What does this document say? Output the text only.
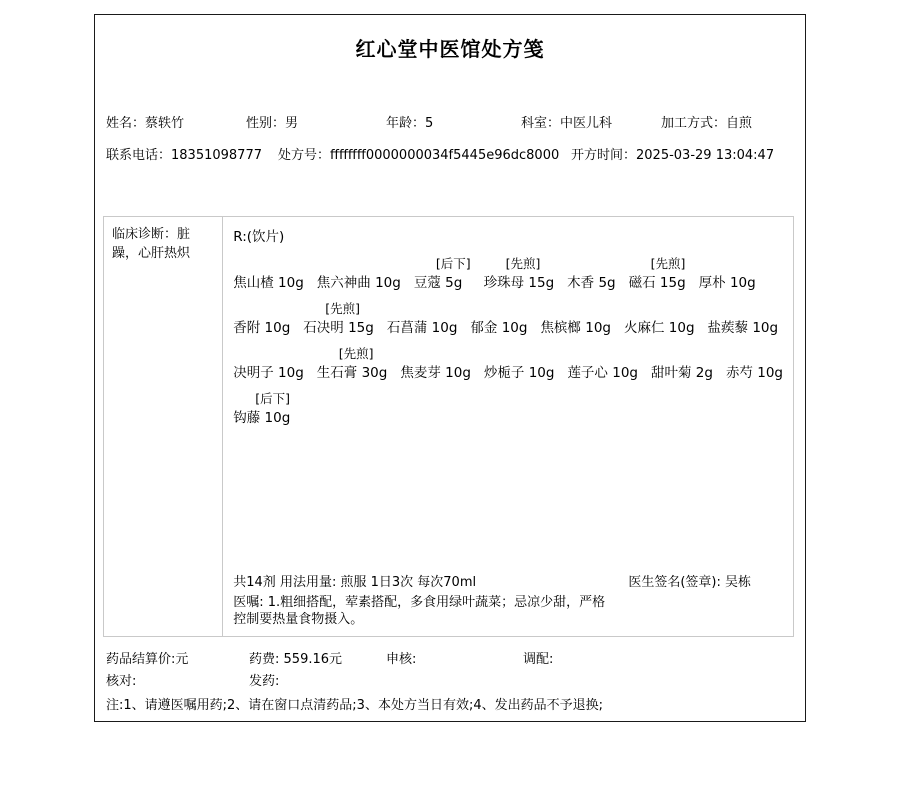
红心堂中医馆处方笺
姓名：蔡轶竹	性别：男	年龄：5	科室：中医儿科	加工方式：自煎
联系电话：18351098777 处方号：ffffffff0000000034f5445e96dc8000 开方时间：2025-03-29 13:04:47
临床诊断：脏躁，心肝热炽
R:(饮片)
焦山楂 10g 焦六神曲 10g
[后下]
豆蔻 5g
[先煎]
珍珠母 15g 木香 5g
[先煎]
磁石 15g 厚朴 10g
香附 10g
[先煎]
石决明 15g 石菖蒲 10g 郁金 10g 焦槟榔 10g 火麻仁 10g 盐蒺藜 10g
决明子 10g
[先煎]
生石膏 30g 焦麦芽 10g 炒栀子 10g 莲子心 10g 甜叶菊 2g 赤芍 10g
[后下]
钩藤 10g
共14剂
用法用量:
煎服 1日3次 每次70ml	医生签名(签章): 吴栋
医嘱: 1.粗细搭配，荤素搭配，多食用绿叶蔬菜；忌凉少甜，严格控制要热量食物摄入。
药品结算价:元	药费: 559.16元	申核:	调配:
核对:	发药:
注:1、请遵医嘱用药;2、请在窗口点清药品;3、本处方当日有效;4、发出药品不予退换;
